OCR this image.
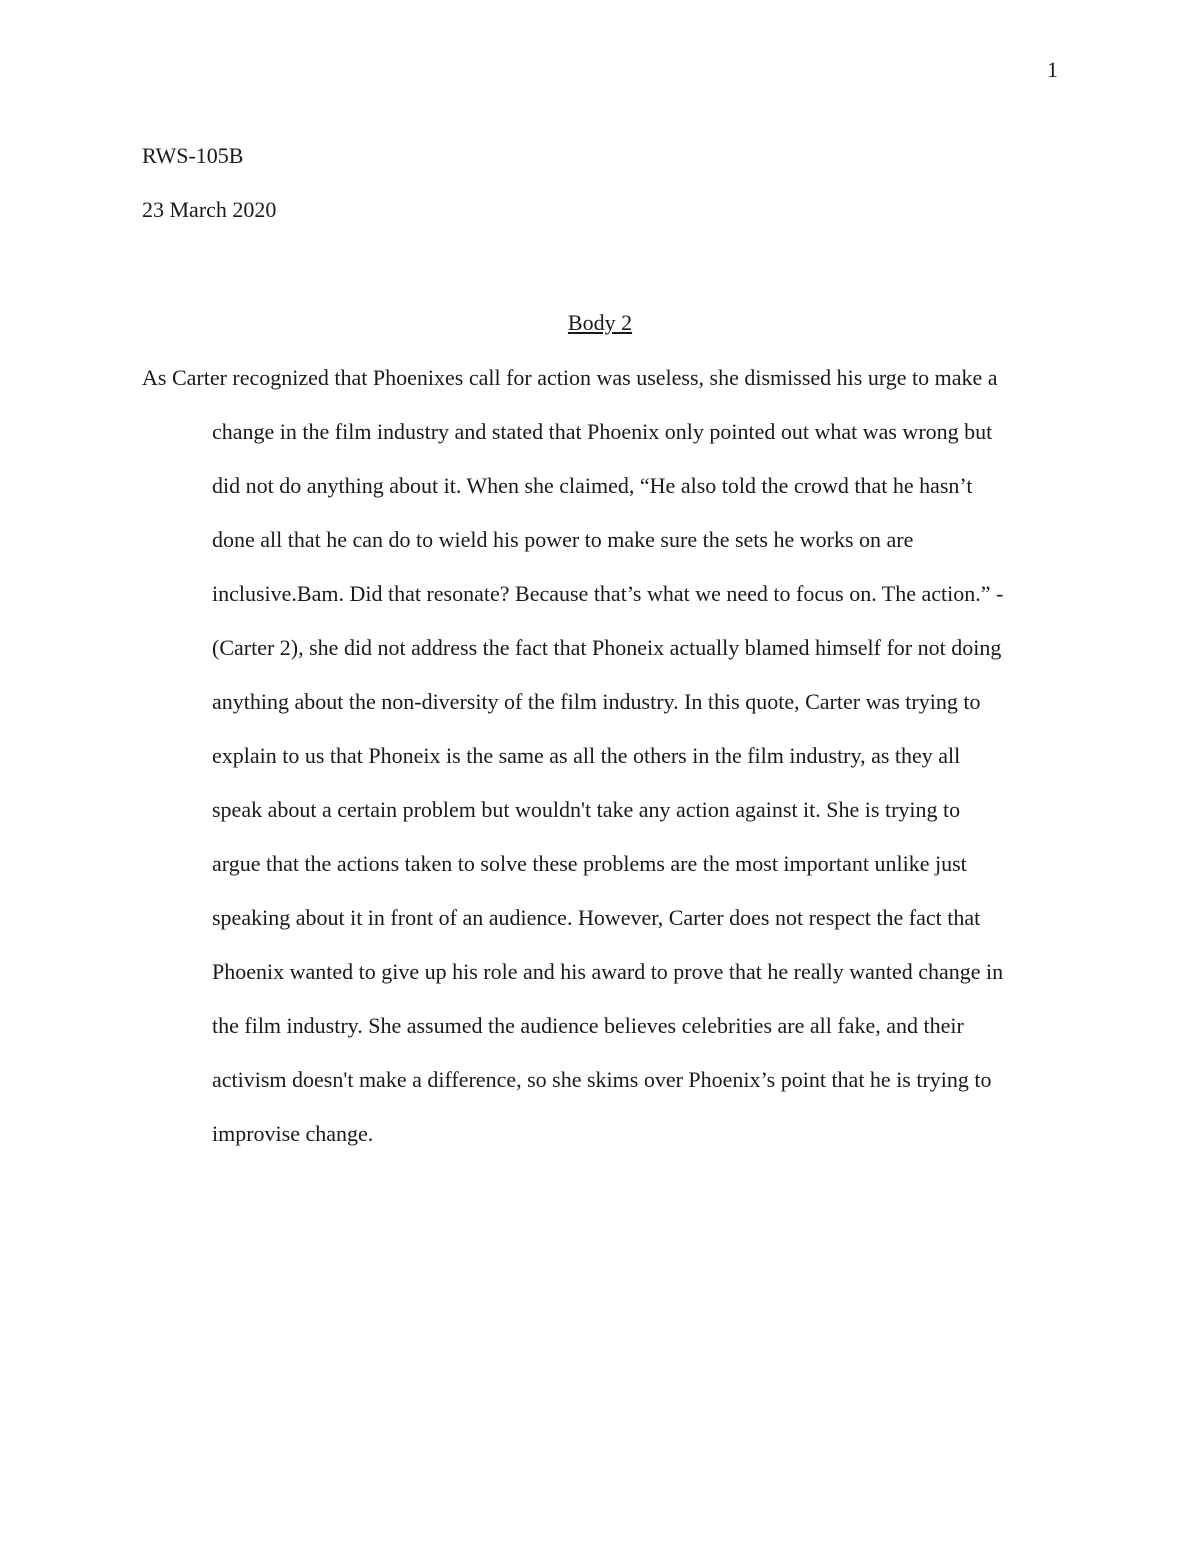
1
RWS-105B
23 March 2020
Body 2
As Carter recognized that Phoenixes call for action was useless, she dismissed his urge to make a
change in the film industry and stated that Phoenix only pointed out what was wrong but
did not do anything about it. When she claimed, “He also told the crowd that he hasn’t
done all that he can do to wield his power to make sure the sets he works on are
inclusive.Bam. Did that resonate? Because that’s what we need to focus on. The action.” -
(Carter 2), she did not address the fact that Phoneix actually blamed himself for not doing
anything about the non-diversity of the film industry. In this quote, Carter was trying to
explain to us that Phoneix is the same as all the others in the film industry, as they all
speak about a certain problem but wouldn't take any action against it. She is trying to
argue that the actions taken to solve these problems are the most important unlike just
speaking about it in front of an audience. However, Carter does not respect the fact that
Phoenix wanted to give up his role and his award to prove that he really wanted change in
the film industry. She assumed the audience believes celebrities are all fake, and their
activism doesn't make a difference, so she skims over Phoenix’s point that he is trying to
improvise change.
